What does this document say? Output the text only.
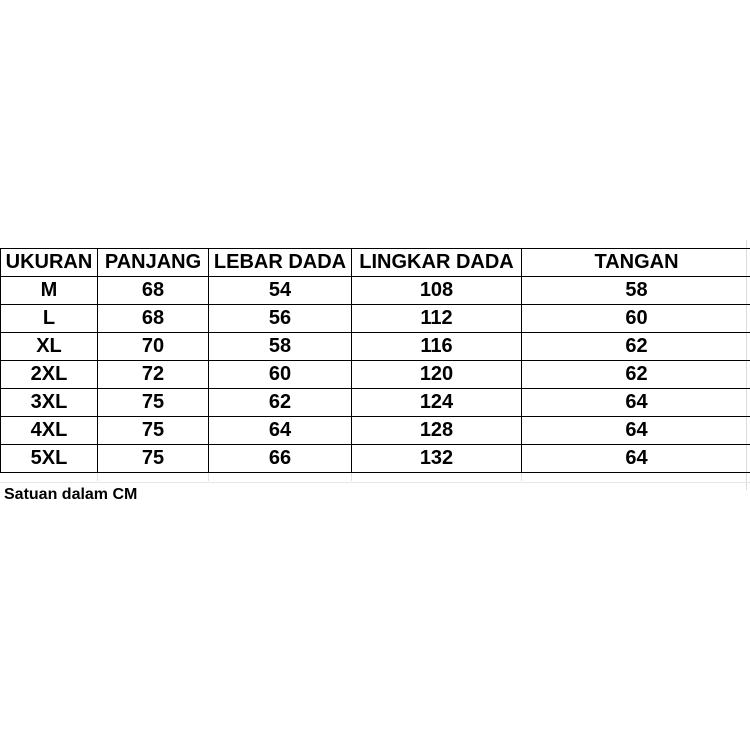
UKURAN	PANJANG	LEBAR DADA	LINGKAR DADA	TANGAN
M	68	54	108	58
L	68	56	112	60
XL	70	58	116	62
2XL	72	60	120	62
3XL	75	62	124	64
4XL	75	64	128	64
5XL	75	66	132	64

Satuan dalam CM
